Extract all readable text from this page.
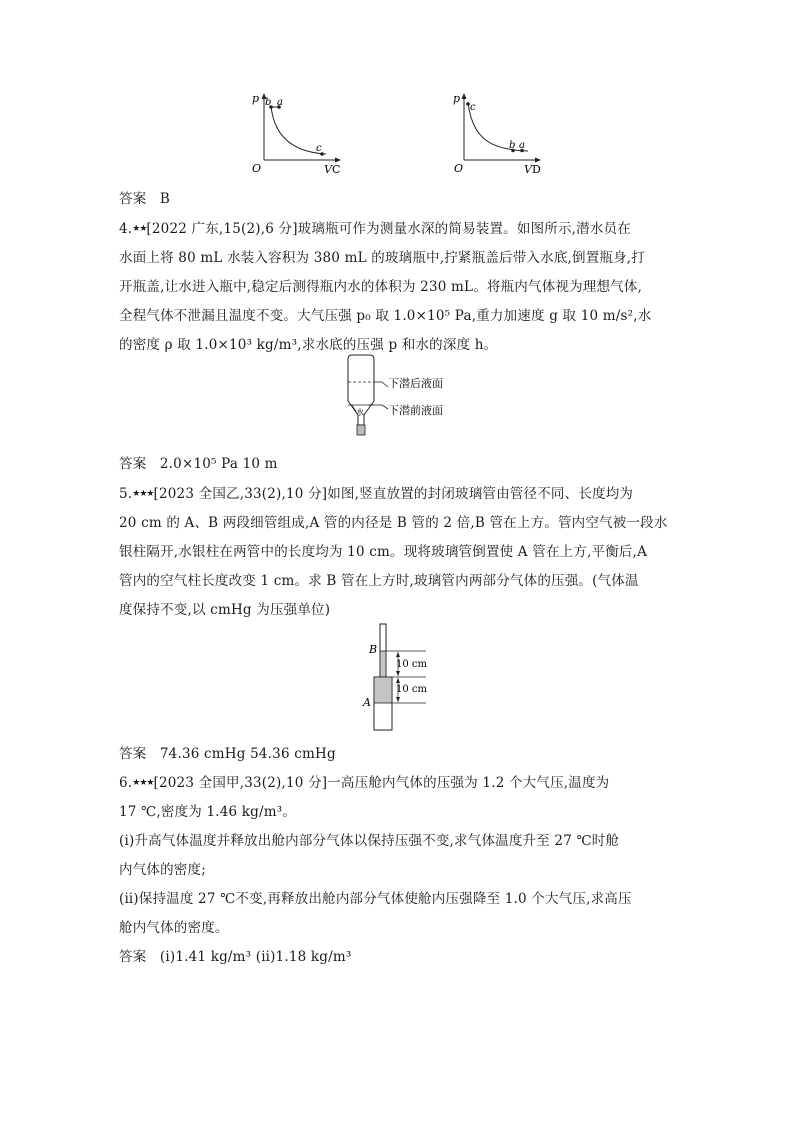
p b a
c
O	V C
p
c
b a
O	V D
答案 B
4.★★[2022 广东,15(2),6 分]玻璃瓶可作为测量水深的简易装置。如图所示,潜水员在
水面上将 80 mL 水装入容积为 380 mL 的玻璃瓶中,拧紧瓶盖后带入水底,倒置瓶身,打
开瓶盖,让水进入瓶中,稳定后测得瓶内水的体积为 230 mL。将瓶内气体视为理想气体,
全程气体不泄漏且温度不变。大气压强 p₀ 取 1.0×10⁵ Pa,重力加速度 g 取 10 m/s²,水
的密度 ρ 取 1.0×10³ kg/m³,求水底的压强 p 和水的深度 h。
水
下潜后液面
下潜前液面
答案 2.0×10⁵ Pa 10 m
5.★★★[2023 全国乙,33(2),10 分]如图,竖直放置的封闭玻璃管由管径不同、长度均为
20 cm 的 A、B 两段细管组成,A 管的内径是 B 管的 2 倍,B 管在上方。管内空气被一段水
银柱隔开,水银柱在两管中的长度均为 10 cm。现将玻璃管倒置使 A 管在上方,平衡后,A
管内的空气柱长度改变 1 cm。求 B 管在上方时,玻璃管内两部分气体的压强。(气体温
度保持不变,以 cmHg 为压强单位)
B
A
10 cm
10 cm
答案 74.36 cmHg 54.36 cmHg
6.★★★[2023 全国甲,33(2),10 分]一高压舱内气体的压强为 1.2 个大气压,温度为
17 ℃,密度为 1.46 kg/m³。
(ⅰ)升高气体温度并释放出舱内部分气体以保持压强不变,求气体温度升至 27 ℃时舱
内气体的密度;
(ⅱ)保持温度 27 ℃不变,再释放出舱内部分气体使舱内压强降至 1.0 个大气压,求高压
舱内气体的密度。
答案 (ⅰ)1.41 kg/m³ (ⅱ)1.18 kg/m³
